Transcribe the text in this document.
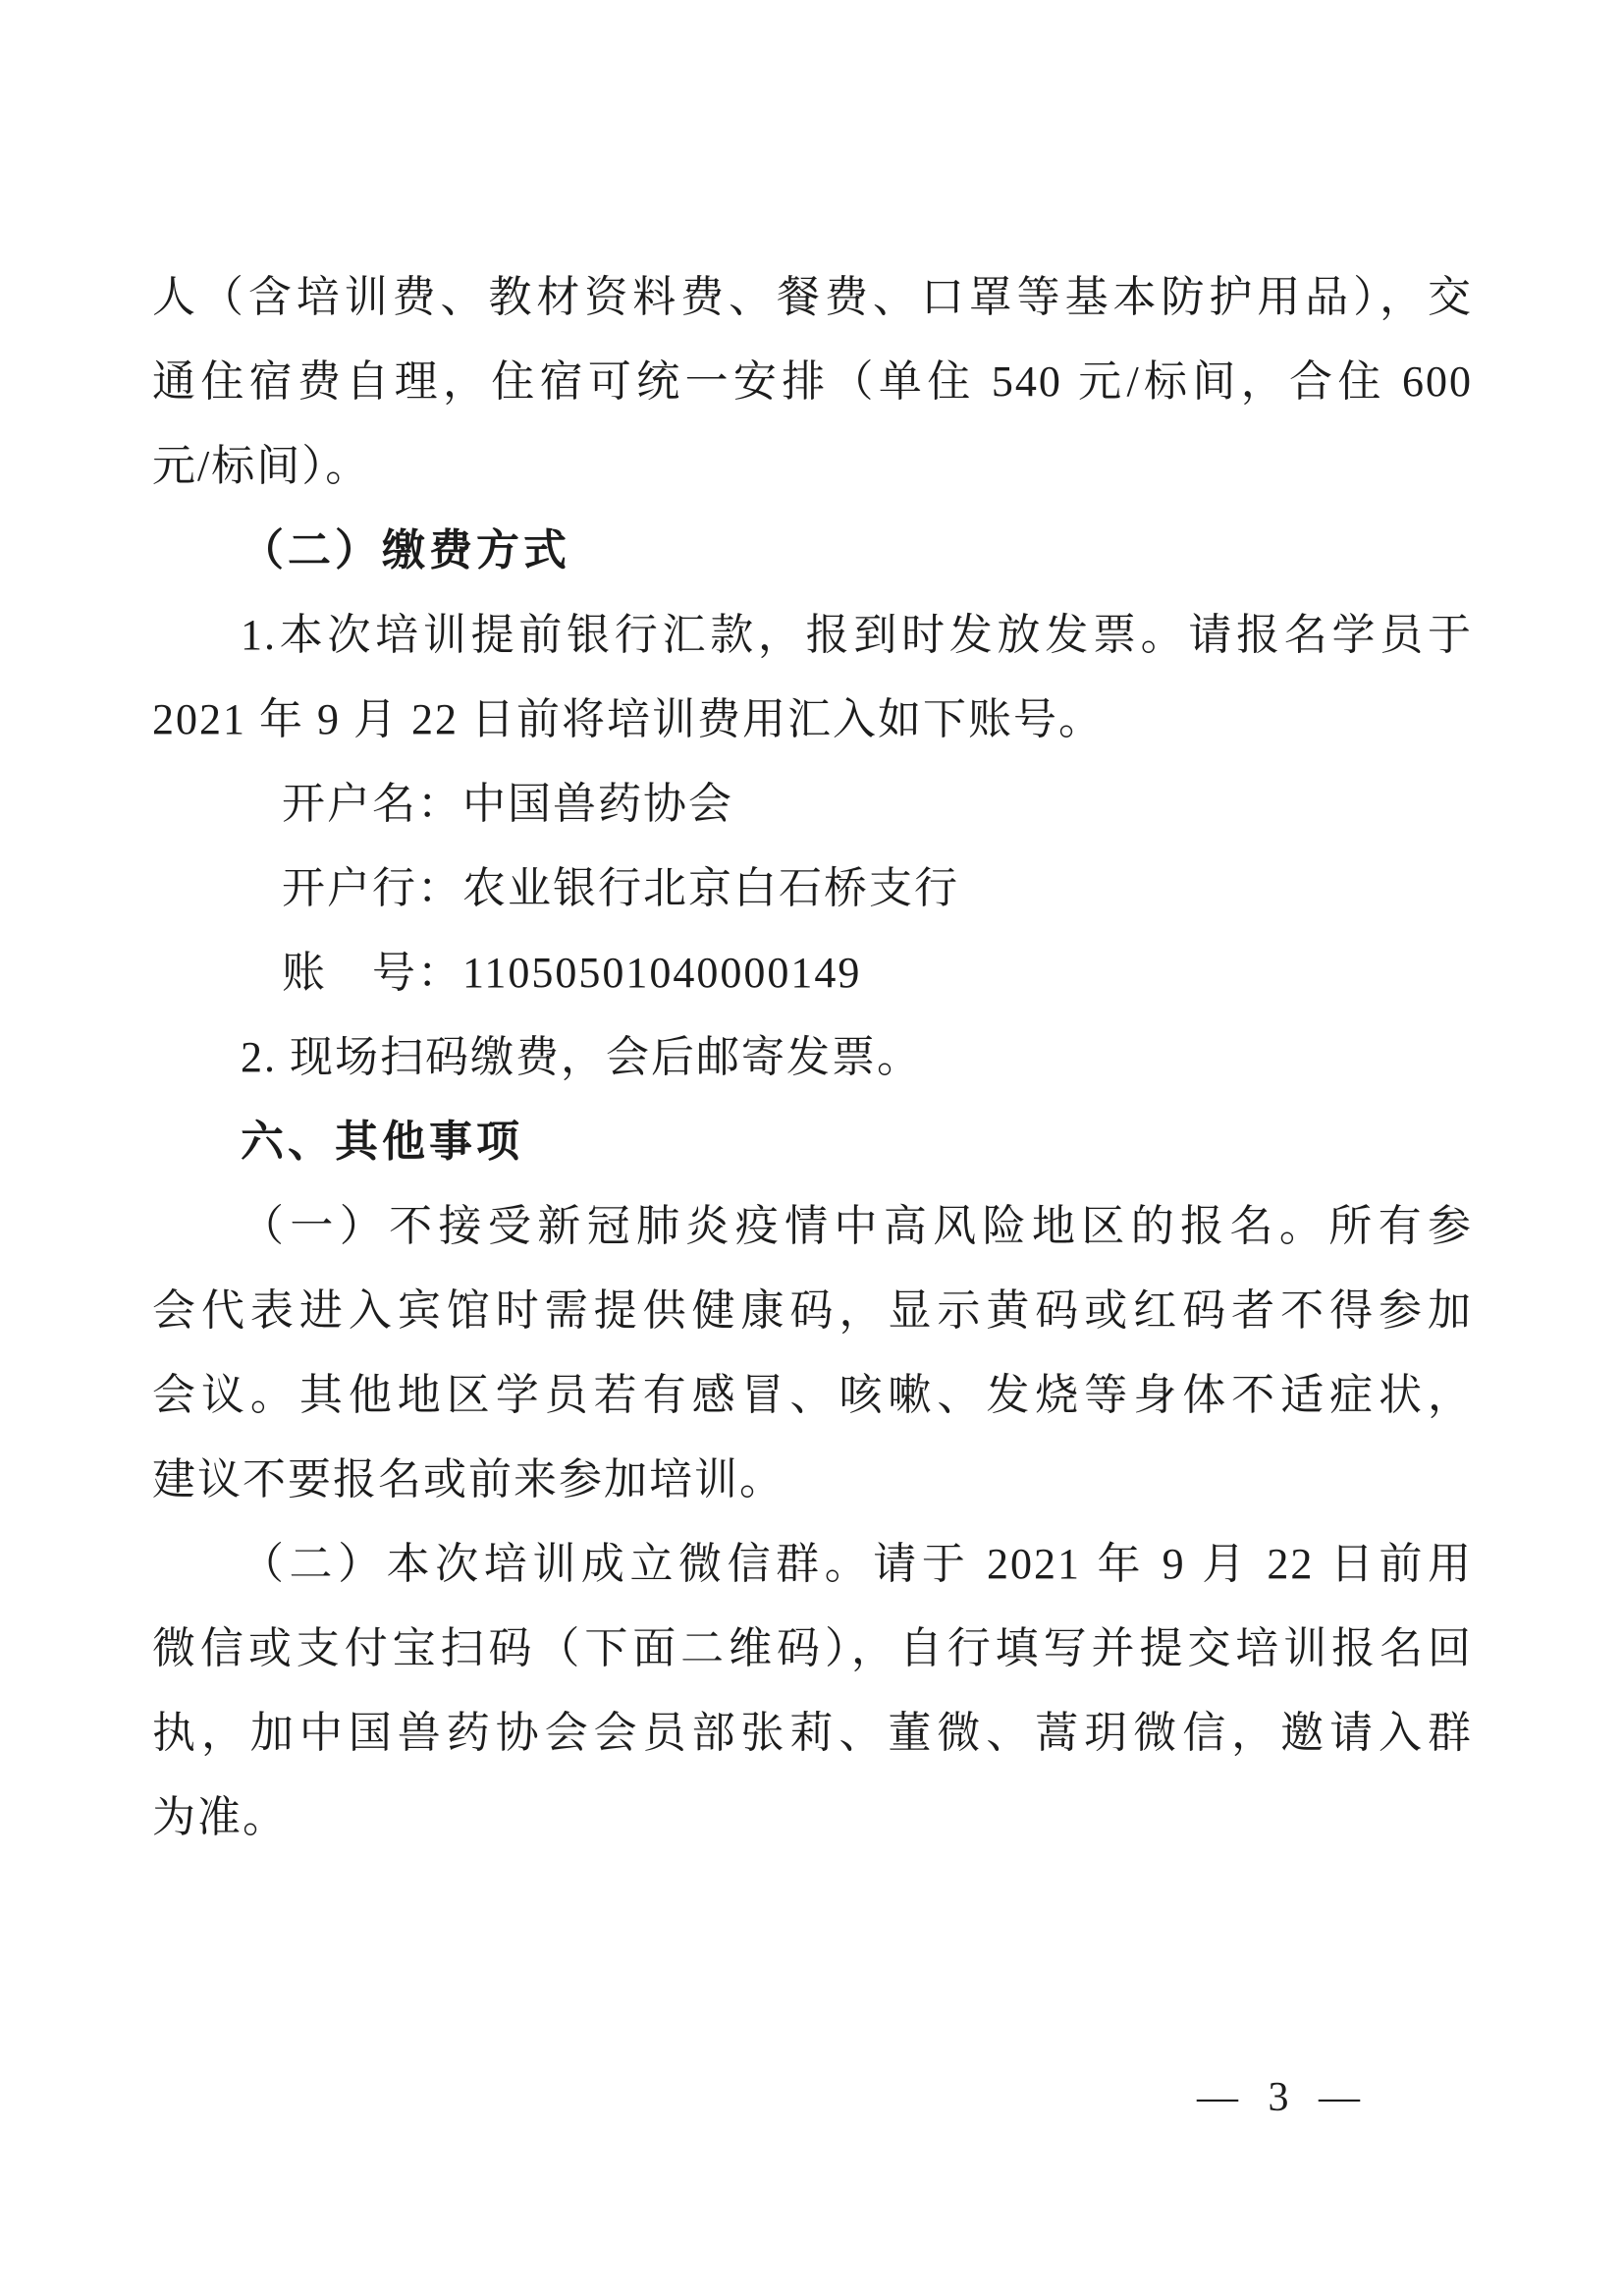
人（含培训费、教材资料费、餐费、口罩等基本防护用品），交
通住宿费自理，住宿可统一安排（单住 540 元/标间，合住 600
元/标间）。
（二）缴费方式
1.本次培训提前银行汇款，报到时发放发票。请报名学员于
2021 年 9 月 22 日前将培训费用汇入如下账号。
开户名：中国兽药协会
开户行：农业银行北京白石桥支行
账　号：11050501040000149
2. 现场扫码缴费，会后邮寄发票。
六、其他事项
（一）不接受新冠肺炎疫情中高风险地区的报名。所有参
会代表进入宾馆时需提供健康码，显示黄码或红码者不得参加
会议。其他地区学员若有感冒、咳嗽、发烧等身体不适症状，
建议不要报名或前来参加培训。
（二）本次培训成立微信群。请于 2021 年 9 月 22 日前用
微信或支付宝扫码（下面二维码），自行填写并提交培训报名回
执，加中国兽药协会会员部张莉、董微、蒿玥微信，邀请入群
为准。
— 3 —
